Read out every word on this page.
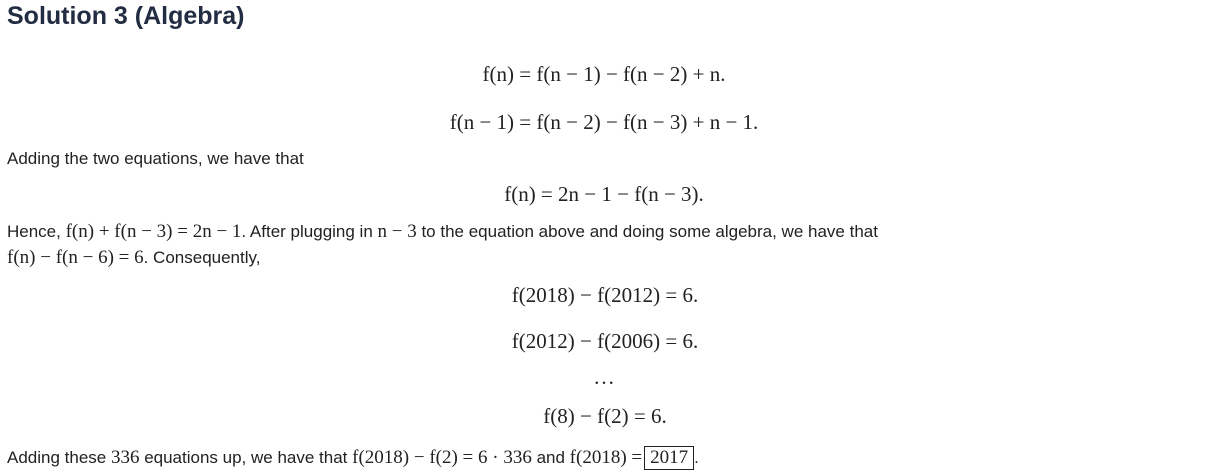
Solution 3 (Algebra)
f(n) = f(n − 1) − f(n − 2) + n.
f(n − 1) = f(n − 2) − f(n − 3) + n − 1.
Adding the two equations, we have that
f(n) = 2n − 1 − f(n − 3).
Hence, f(n) + f(n − 3) = 2n − 1. After plugging in n − 3 to the equation above and doing some algebra, we have that
f(n) − f(n − 6) = 6. Consequently,
f(2018) − f(2012) = 6.
f(2012) − f(2006) = 6.
...
f(8) − f(2) = 6.
Adding these 336 equations up, we have that f(2018) − f(2) = 6 · 336 and f(2018) = 2017 .
